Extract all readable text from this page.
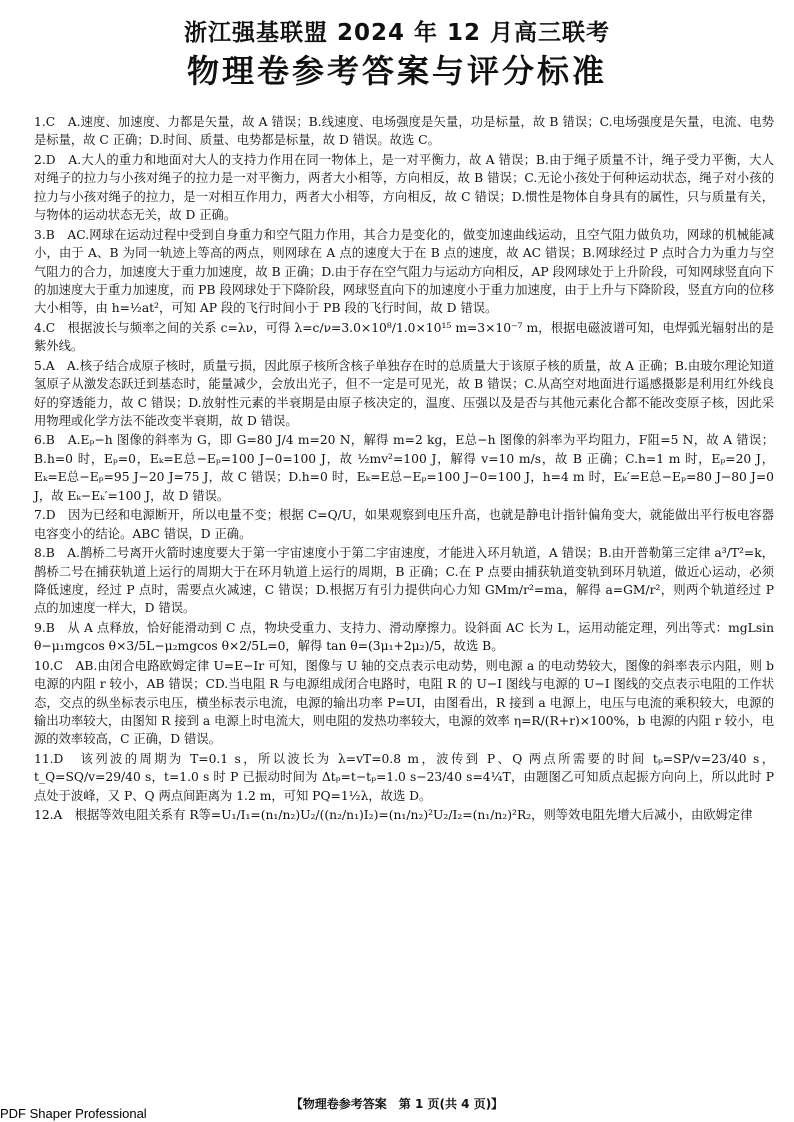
浙江强基联盟 2024 年 12 月高三联考
物理卷参考答案与评分标准

1.C　A.速度、加速度、力都是矢量，故 A 错误；B.线速度、电场强度是矢量，功是标量，故 B 错误；C.电场强度是矢量，电流、电势是标量，故 C 正确；D.时间、质量、电势都是标量，故 D 错误。故选 C。

2.D　A.大人的重力和地面对大人的支持力作用在同一物体上，是一对平衡力，故 A 错误；B.由于绳子质量不计，绳子受力平衡，大人对绳子的拉力与小孩对绳子的拉力是一对平衡力，两者大小相等，方向相反，故 B 错误；C.无论小孩处于何种运动状态，绳子对小孩的拉力与小孩对绳子的拉力，是一对相互作用力，两者大小相等，方向相反，故 C 错误；D.惯性是物体自身具有的属性，只与质量有关，与物体的运动状态无关，故 D 正确。

3.B　AC.网球在运动过程中受到自身重力和空气阻力作用，其合力是变化的，做变加速曲线运动，且空气阻力做负功，网球的机械能减小，由于 A、B 为同一轨迹上等高的两点，则网球在 A 点的速度大于在 B 点的速度，故 AC 错误；B.网球经过 P 点时合力为重力与空气阻力的合力，加速度大于重力加速度，故 B 正确；D.由于存在空气阻力与运动方向相反，AP 段网球处于上升阶段，可知网球竖直向下的加速度大于重力加速度，而 PB 段网球处于下降阶段，网球竖直向下的加速度小于重力加速度，由于上升与下降阶段，竖直方向的位移大小相等，由 h=½at²，可知 AP 段的飞行时间小于 PB 段的飞行时间，故 D 错误。

4.C　根据波长与频率之间的关系 c=λν，可得 λ=c/ν=3.0×10⁸/1.0×10¹⁵ m=3×10⁻⁷ m，根据电磁波谱可知，电焊弧光辐射出的是紫外线。

5.A　A.核子结合成原子核时，质量亏损，因此原子核所含核子单独存在时的总质量大于该原子核的质量，故 A 正确；B.由玻尔理论知道氢原子从激发态跃迁到基态时，能量减少，会放出光子，但不一定是可见光，故 B 错误；C.从高空对地面进行遥感摄影是利用红外线良好的穿透能力，故 C 错误；D.放射性元素的半衰期是由原子核决定的，温度、压强以及是否与其他元素化合都不能改变原子核，因此采用物理或化学方法不能改变半衰期，故 D 错误。

6.B　A.Eₚ−h 图像的斜率为 G，即 G=80 J/4 m=20 N，解得 m=2 kg，E总−h 图像的斜率为平均阻力，F阻=5 N，故 A 错误；B.h=0 时，Eₚ=0，Eₖ=E总−Eₚ=100 J−0=100 J，故 ½mv²=100 J，解得 v=10 m/s，故 B 正确；C.h=1 m 时，Eₚ=20 J，Eₖ=E总−Eₚ=95 J−20 J=75 J，故 C 错误；D.h=0 时，Eₖ=E总−Eₚ=100 J−0=100 J，h=4 m 时，Eₖ′=E总−Eₚ=80 J−80 J=0 J，故 Eₖ−Eₖ′=100 J，故 D 错误。

7.D　因为已经和电源断开，所以电量不变；根据 C=Q/U，如果观察到电压升高，也就是静电计指针偏角变大，就能做出平行板电容器电容变小的结论。ABC 错误，D 正确。

8.B　A.鹊桥二号离开火箭时速度要大于第一宇宙速度小于第二宇宙速度，才能进入环月轨道，A 错误；B.由开普勒第三定律 a³/T²=k，鹊桥二号在捕获轨道上运行的周期大于在环月轨道上运行的周期，B 正确；C.在 P 点要由捕获轨道变轨到环月轨道，做近心运动，必须降低速度，经过 P 点时，需要点火减速，C 错误；D.根据万有引力提供向心力知 GMm/r²=ma，解得 a=GM/r²，则两个轨道经过 P 点的加速度一样大，D 错误。

9.B　从 A 点释放，恰好能滑动到 C 点，物块受重力、支持力、滑动摩擦力。设斜面 AC 长为 L，运用动能定理，列出等式：mgLsin θ−μ₁mgcos θ×3/5L−μ₂mgcos θ×2/5L=0，解得 tan θ=(3μ₁+2μ₂)/5，故选 B。

10.C　AB.由闭合电路欧姆定律 U=E−Ir 可知，图像与 U 轴的交点表示电动势，则电源 a 的电动势较大，图像的斜率表示内阻，则 b 电源的内阻 r 较小，AB 错误；CD.当电阻 R 与电源组成闭合电路时，电阻 R 的 U−I 图线与电源的 U−I 图线的交点表示电阻的工作状态，交点的纵坐标表示电压，横坐标表示电流，电源的输出功率 P=UI，由图看出，R 接到 a 电源上，电压与电流的乘积较大，电源的输出功率较大，由图知 R 接到 a 电源上时电流大，则电阻的发热功率较大，电源的效率 η=R/(R+r)×100%，b 电源的内阻 r 较小，电源的效率较高，C 正确，D 错误。

11.D　该列波的周期为 T=0.1 s，所以波长为 λ=vT=0.8 m，波传到 P、Q 两点所需要的时间 tₚ=SP/v=23/40 s，t_Q=SQ/v=29/40 s，t=1.0 s 时 P 已振动时间为 Δtₚ=t−tₚ=1.0 s−23/40 s=4¼T，由题图乙可知质点起振方向向上，所以此时 P 点处于波峰，又 P、Q 两点间距离为 1.2 m，可知 PQ=1½λ，故选 D。

12.A　根据等效电阻关系有 R等=U₁/I₁=(n₁/n₂)U₂/((n₂/n₁)I₂)=(n₁/n₂)²U₂/I₂=(n₁/n₂)²R₂，则等效电阻先增大后减小，由欧姆定律

【物理卷参考答案　第 1 页(共 4 页)】
PDF Shaper Professional
